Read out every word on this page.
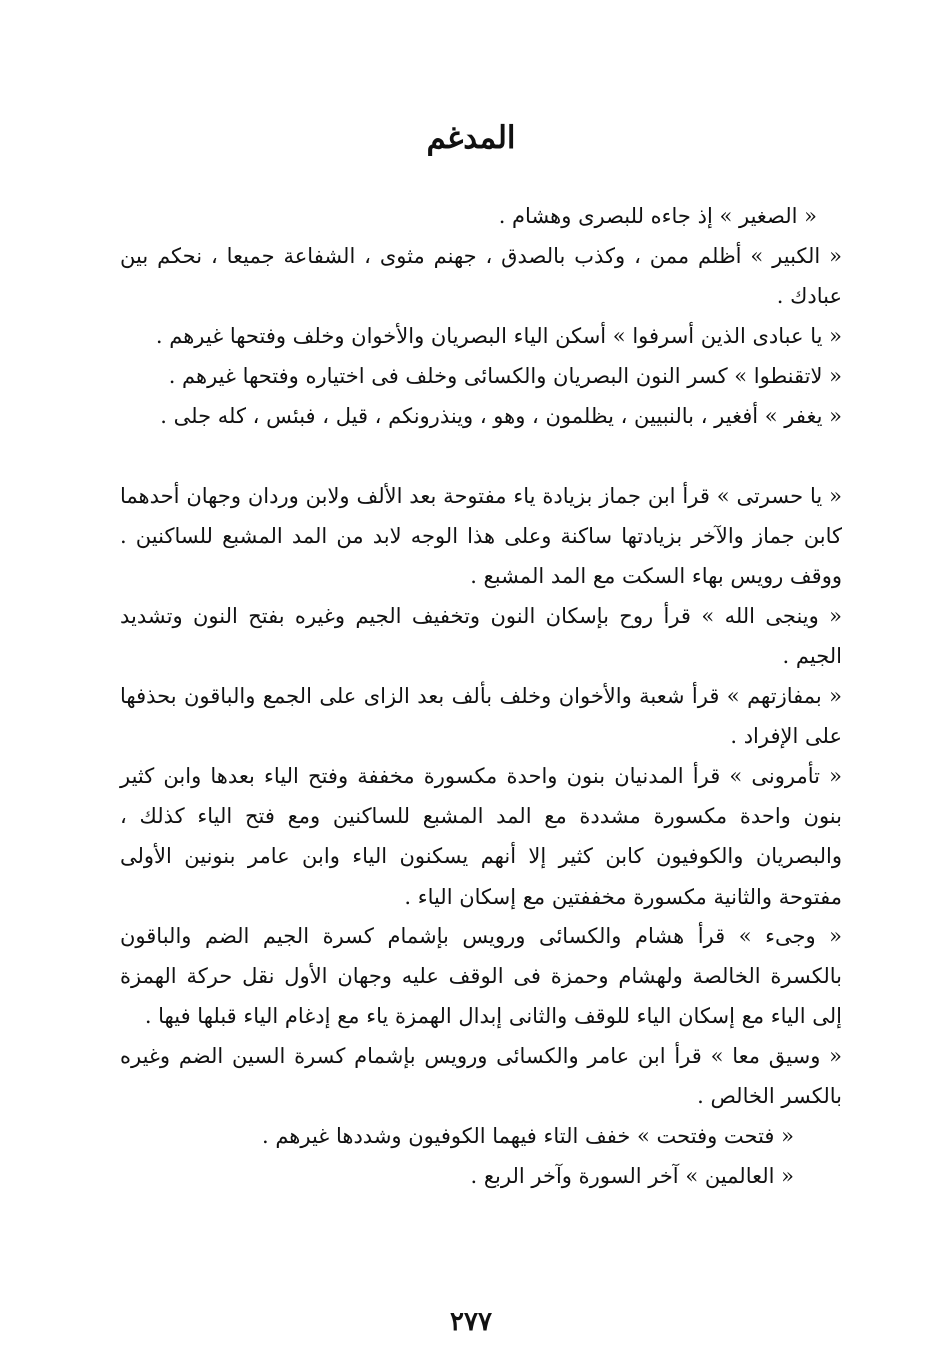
المدغم
« الصغير » إذ جاءه للبصرى وهشام .
« الكبير » أظلم ممن ، وكذب بالصدق ، جهنم مثوى ، الشفاعة جميعا ، نحكم بين عبادك .
« يا عبادى الذين أسرفوا » أسكن الياء البصريان والأخوان وخلف وفتحها غيرهم .
« لاتقنطوا » كسر النون البصريان والكسائى وخلف فى اختياره وفتحها غيرهم .
« يغفر » أفغير ، بالنبيين ، يظلمون ، وهو ، وينذرونكم ، قيل ، فبئس ، كله جلى .
« يا حسرتى » قرأ ابن جماز بزيادة ياء مفتوحة بعد الألف ولابن وردان وجهان أحدهما كابن جماز والآخر بزيادتها ساكنة وعلى هذا الوجه لابد من المد المشبع للساكنين . ووقف رويس بهاء السكت مع المد المشبع .
« وينجى الله » قرأ روح بإسكان النون وتخفيف الجيم وغيره بفتح النون وتشديد الجيم .
« بمفازتهم » قرأ شعبة والأخوان وخلف بألف بعد الزاى على الجمع والباقون بحذفها على الإفراد .
« تأمرونى » قرأ المدنيان بنون واحدة مكسورة مخففة وفتح الياء بعدها وابن كثير بنون واحدة مكسورة مشددة مع المد المشبع للساكنين ومع فتح الياء كذلك ، والبصريان والكوفيون كابن كثير إلا أنهم يسكنون الياء وابن عامر بنونين الأولى مفتوحة والثانية مكسورة مخففتين مع إسكان الياء .
« وجىء » قرأ هشام والكسائى ورويس بإشمام كسرة الجيم الضم والباقون بالكسرة الخالصة ولهشام وحمزة فى الوقف عليه وجهان الأول نقل حركة الهمزة إلى الياء مع إسكان الياء للوقف والثانى إبدال الهمزة ياء مع إدغام الياء قبلها فيها .
« وسيق معا » قرأ ابن عامر والكسائى ورويس بإشمام كسرة السين الضم وغيره بالكسر الخالص .
« فتحت وفتحت » خفف التاء فيهما الكوفيون وشددها غيرهم .
« العالمين » آخر السورة وآخر الربع .
٢٧٧
